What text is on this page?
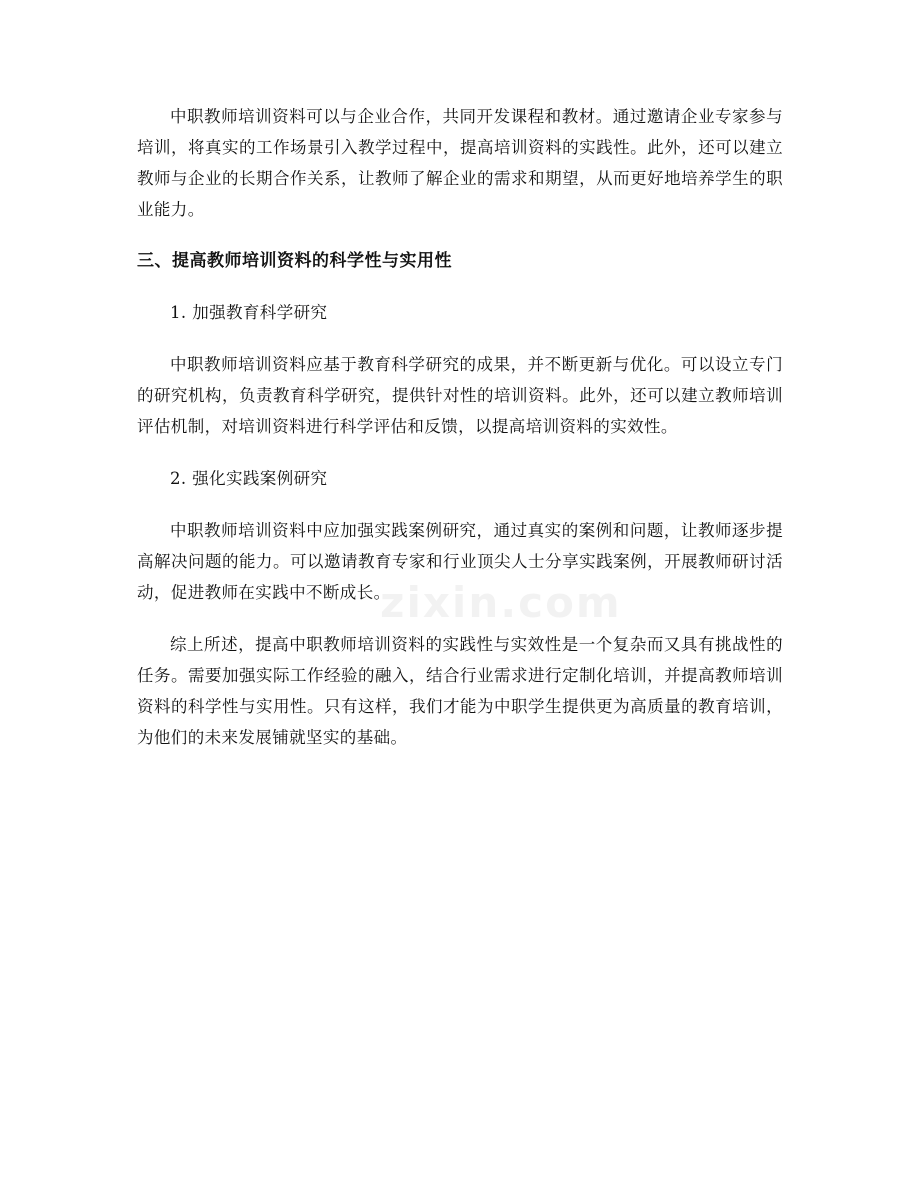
中职教师培训资料可以与企业合作，共同开发课程和教材。通过邀请企业专家参与培训，将真实的工作场景引入教学过程中，提高培训资料的实践性。此外，还可以建立教师与企业的长期合作关系，让教师了解企业的需求和期望，从而更好地培养学生的职业能力。

三、提高教师培训资料的科学性与实用性

1. 加强教育科学研究

中职教师培训资料应基于教育科学研究的成果，并不断更新与优化。可以设立专门的研究机构，负责教育科学研究，提供针对性的培训资料。此外，还可以建立教师培训评估机制，对培训资料进行科学评估和反馈，以提高培训资料的实效性。

2. 强化实践案例研究

中职教师培训资料中应加强实践案例研究，通过真实的案例和问题，让教师逐步提高解决问题的能力。可以邀请教育专家和行业顶尖人士分享实践案例，开展教师研讨活动，促进教师在实践中不断成长。

综上所述，提高中职教师培训资料的实践性与实效性是一个复杂而又具有挑战性的任务。需要加强实际工作经验的融入，结合行业需求进行定制化培训，并提高教师培训资料的科学性与实用性。只有这样，我们才能为中职学生提供更为高质量的教育培训，为他们的未来发展铺就坚实的基础。

zixin.com
